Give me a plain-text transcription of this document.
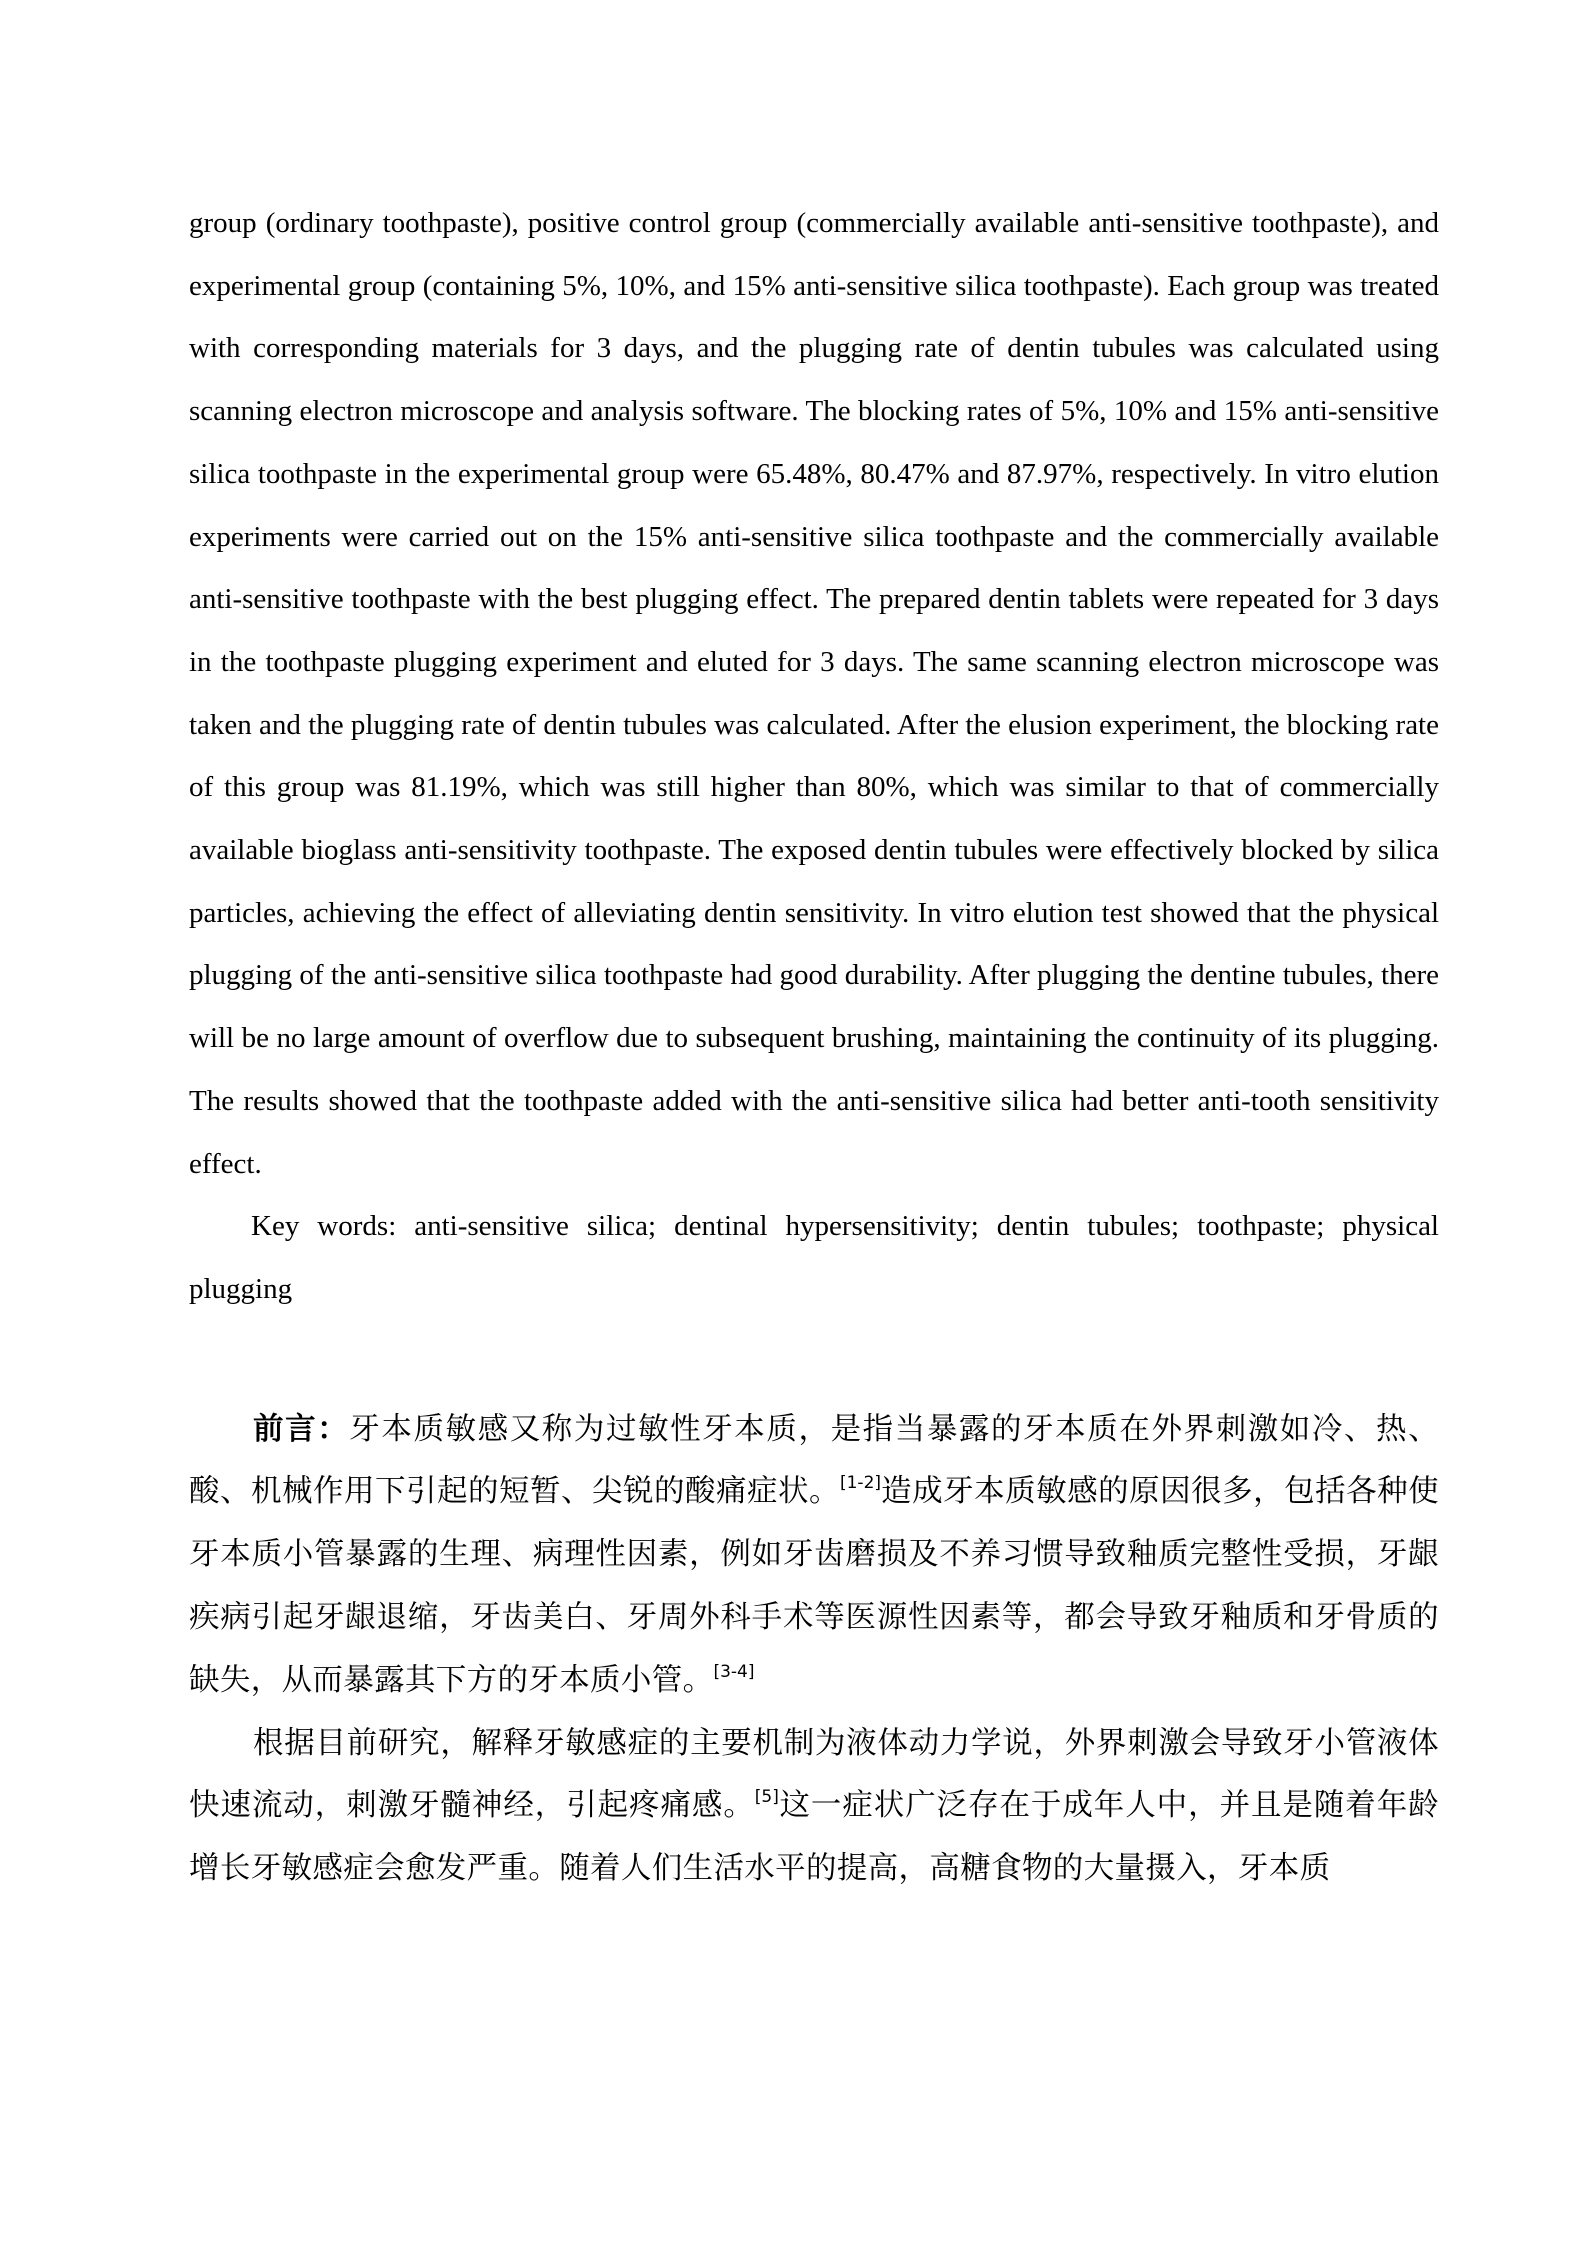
group (ordinary toothpaste), positive control group (commercially available anti-sensitive toothpaste), and experimental group (containing 5%, 10%, and 15% anti-sensitive silica toothpaste). Each group was treated with corresponding materials for 3 days, and the plugging rate of dentin tubules was calculated using scanning electron microscope and analysis software. The blocking rates of 5%, 10% and 15% anti-sensitive silica toothpaste in the experimental group were 65.48%, 80.47% and 87.97%, respectively. In vitro elution experiments were carried out on the 15% anti-sensitive silica toothpaste and the commercially available anti-sensitive toothpaste with the best plugging effect. The prepared dentin tablets were repeated for 3 days in the toothpaste plugging experiment and eluted for 3 days. The same scanning electron microscope was taken and the plugging rate of dentin tubules was calculated. After the elusion experiment, the blocking rate of this group was 81.19%, which was still higher than 80%, which was similar to that of commercially available bioglass anti-sensitivity toothpaste. The exposed dentin tubules were effectively blocked by silica particles, achieving the effect of alleviating dentin sensitivity. In vitro elution test showed that the physical plugging of the anti-sensitive silica toothpaste had good durability. After plugging the dentine tubules, there will be no large amount of overflow due to subsequent brushing, maintaining the continuity of its plugging. The results showed that the toothpaste added with the anti-sensitive silica had better anti-tooth sensitivity effect.

Key words: anti-sensitive silica; dentinal hypersensitivity; dentin tubules; toothpaste; physical plugging

前言：牙本质敏感又称为过敏性牙本质，是指当暴露的牙本质在外界刺激如冷、热、酸、机械作用下引起的短暂、尖锐的酸痛症状。[1-2]造成牙本质敏感的原因很多，包括各种使牙本质小管暴露的生理、病理性因素，例如牙齿磨损及不养习惯导致釉质完整性受损，牙龈疾病引起牙龈退缩，牙齿美白、牙周外科手术等医源性因素等，都会导致牙釉质和牙骨质的缺失，从而暴露其下方的牙本质小管。[3-4]

根据目前研究，解释牙敏感症的主要机制为液体动力学说，外界刺激会导致牙小管液体快速流动，刺激牙髓神经，引起疼痛感。[5]这一症状广泛存在于成年人中，并且是随着年龄增长牙敏感症会愈发严重。随着人们生活水平的提高，高糖食物的大量摄入，牙本质
